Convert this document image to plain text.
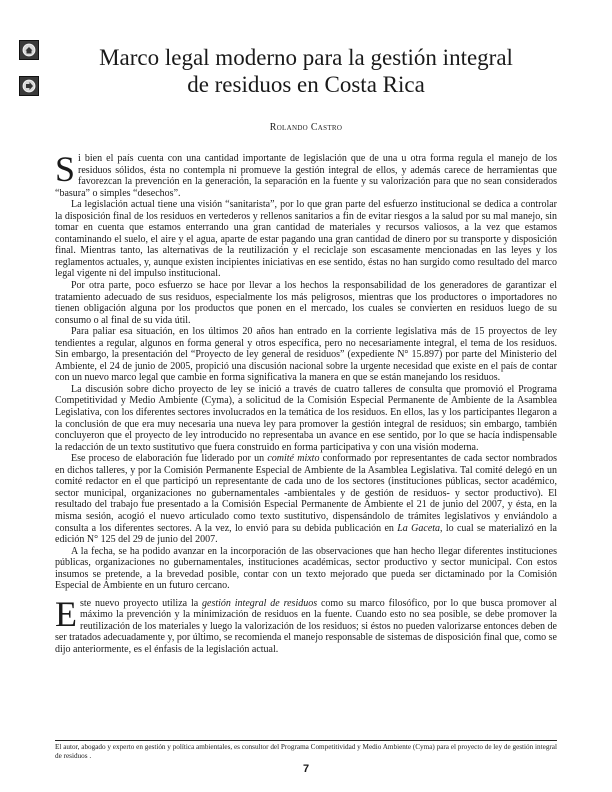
Marco legal moderno para la gestión integral
de residuos en Costa Rica
Rolando Castro

Si bien el país cuenta con una cantidad importante de legislación que de una u otra forma regula el manejo de los residuos sólidos, ésta no contempla ni promueve la gestión integral de ellos, y además carece de herramientas que favorezcan la prevención en la generación, la separación en la fuente y su valorización para que no sean considerados “basura” o simples “desechos”.

La legislación actual tiene una visión “sanitarista”, por lo que gran parte del esfuerzo institucional se dedica a controlar la disposición final de los residuos en vertederos y rellenos sanitarios a fin de evitar riesgos a la salud por su mal manejo, sin tomar en cuenta que estamos enterrando una gran cantidad de materiales y recursos valiosos, a la vez que estamos contaminando el suelo, el aire y el agua, aparte de estar pagando una gran cantidad de dinero por su transporte y disposición final. Mientras tanto, las alternativas de la reutilización y el reciclaje son escasamente mencionadas en las leyes y los reglamentos actuales, y, aunque existen incipientes iniciativas en ese sentido, éstas no han surgido como resultado del marco legal vigente ni del impulso institucional.

Por otra parte, poco esfuerzo se hace por llevar a los hechos la responsabilidad de los generadores de garantizar el tratamiento adecuado de sus residuos, especialmente los más peligrosos, mientras que los productores o importadores no tienen obligación alguna por los productos que ponen en el mercado, los cuales se convierten en residuos luego de su consumo o al final de su vida útil.

Para paliar esa situación, en los últimos 20 años han entrado en la corriente legislativa más de 15 proyectos de ley tendientes a regular, algunos en forma general y otros específica, pero no necesariamente integral, el tema de los residuos. Sin embargo, la presentación del “Proyecto de ley general de residuos” (expediente N° 15.897) por parte del Ministerio del Ambiente, el 24 de junio de 2005, propició una discusión nacional sobre la urgente necesidad que existe en el país de contar con un nuevo marco legal que cambie en forma significativa la manera en que se están manejando los residuos.

La discusión sobre dicho proyecto de ley se inició a través de cuatro talleres de consulta que promovió el Programa Competitividad y Medio Ambiente (Cyma), a solicitud de la Comisión Especial Permanente de Ambiente de la Asamblea Legislativa, con los diferentes sectores involucrados en la temática de los residuos. En ellos, las y los participantes llegaron a la conclusión de que era muy necesaria una nueva ley para promover la gestión integral de residuos; sin embargo, también concluyeron que el proyecto de ley introducido no representaba un avance en ese sentido, por lo que se hacía indispensable la redacción de un texto sustitutivo que fuera construido en forma participativa y con una visión moderna.

Ese proceso de elaboración fue liderado por un comité mixto conformado por representantes de cada sector nombrados en dichos talleres, y por la Comisión Permanente Especial de Ambiente de la Asamblea Legislativa. Tal comité delegó en un comité redactor en el que participó un representante de cada uno de los sectores (instituciones públicas, sector académico, sector municipal, organizaciones no gubernamentales -ambientales y de gestión de residuos- y sector productivo). El resultado del trabajo fue presentado a la Comisión Especial Permanente de Ambiente el 21 de junio del 2007, y ésta, en la misma sesión, acogió el nuevo articulado como texto sustitutivo, dispensándolo de trámites legislativos y enviándolo a consulta a los diferentes sectores. A la vez, lo envió para su debida publicación en La Gaceta, lo cual se materializó en la edición N° 125 del 29 de junio del 2007.

A la fecha, se ha podido avanzar en la incorporación de las observaciones que han hecho llegar diferentes instituciones públicas, organizaciones no gubernamentales, instituciones académicas, sector productivo y sector municipal. Con estos insumos se pretende, a la brevedad posible, contar con un texto mejorado que pueda ser dictaminado por la Comisión Especial de Ambiente en un futuro cercano.

Este nuevo proyecto utiliza la gestión integral de residuos como su marco filosófico, por lo que busca promover al máximo la prevención y la minimización de residuos en la fuente. Cuando esto no sea posible, se debe promover la reutilización de los materiales y luego la valorización de los residuos; si éstos no pueden valorizarse entonces deben de ser tratados adecuadamente y, por último, se recomienda el manejo responsable de sistemas de disposición final que, como se dijo anteriormente, es el énfasis de la legislación actual.

El autor, abogado y experto en gestión y política ambientales, es consultor del Programa Competitividad y Medio Ambiente (Cyma) para el proyecto de ley de gestión integral de residuos .
7
